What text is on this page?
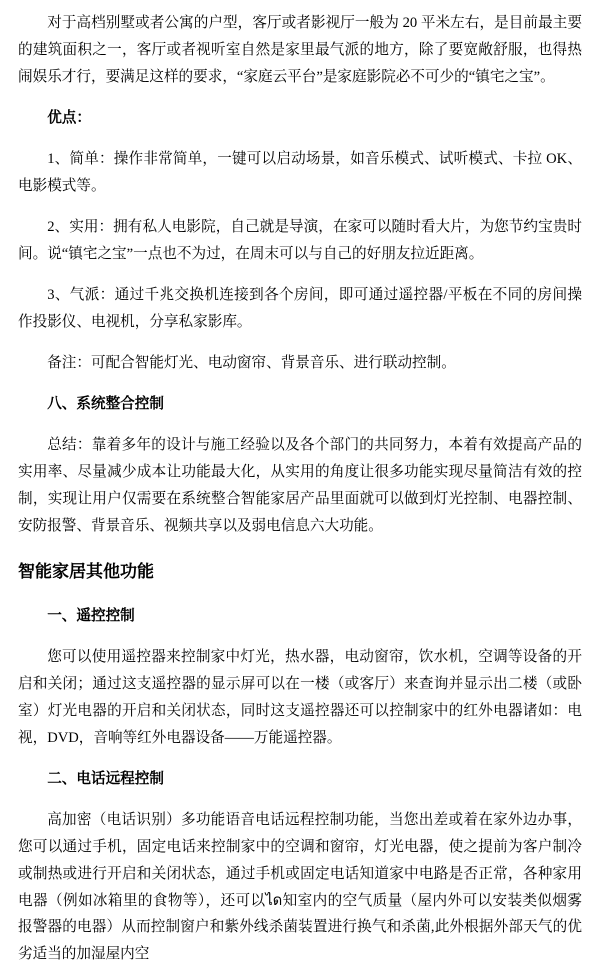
对于高档别墅或者公寓的户型，客厅或者影视厅一般为 20 平米左右，是目前最主要的建筑面积之一，客厅或者视听室自然是家里最气派的地方，除了要宽敞舒服，也得热闹娱乐才行，要满足这样的要求，“家庭云平台”是家庭影院必不可少的“镇宅之宝”。

优点：

1、简单：操作非常简单，一键可以启动场景，如音乐模式、试听模式、卡拉 OK、电影模式等。

2、实用：拥有私人电影院，自己就是导演，在家可以随时看大片，为您节约宝贵时间。说“镇宅之宝”一点也不为过，在周末可以与自己的好朋友拉近距离。

3、气派：通过千兆交换机连接到各个房间，即可通过遥控器/平板在不同的房间操作投影仪、电视机，分享私家影库。

备注：可配合智能灯光、电动窗帘、背景音乐、进行联动控制。

八、系统整合控制

总结：靠着多年的设计与施工经验以及各个部门的共同努力，本着有效提高产品的实用率、尽量减少成本让功能最大化，从实用的角度让很多功能实现尽量简洁有效的控制，实现让用户仅需要在系统整合智能家居产品里面就可以做到灯光控制、电器控制、安防报警、背景音乐、视频共享以及弱电信息六大功能。

智能家居其他功能

一、遥控控制

您可以使用遥控器来控制家中灯光，热水器，电动窗帘，饮水机，空调等设备的开启和关闭；通过这支遥控器的显示屏可以在一楼（或客厅）来查询并显示出二楼（或卧室）灯光电器的开启和关闭状态，同时这支遥控器还可以控制家中的红外电器诸如：电视，DVD，音响等红外电器设备——万能遥控器。

二、电话远程控制

高加密（电话识别）多功能语音电话远程控制功能，当您出差或着在家外边办事，您可以通过手机，固定电话来控制家中的空调和窗帘，灯光电器，使之提前为客户制冷或制热或进行开启和关闭状态，通过手机或固定电话知道家中电路是否正常，各种家用电器（例如冰箱里的食物等），还可以ได知室内的空气质量（屋内外可以安装类似烟雾报警器的电器）从而控制窗户和紫外线杀菌装置进行换气和杀菌,此外根据外部天气的优劣适当的加湿屋内空
